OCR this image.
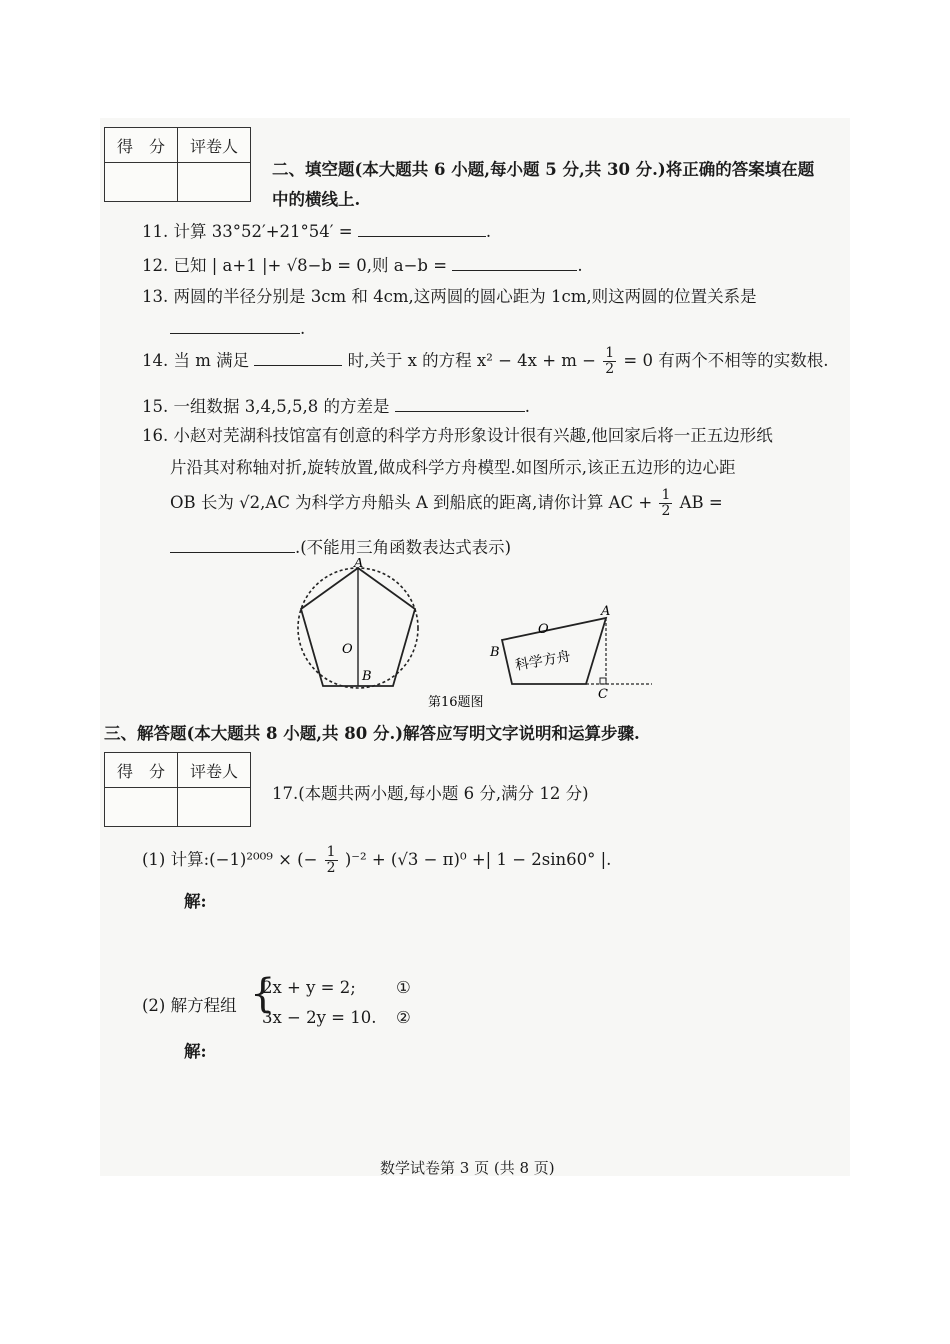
得　分	评卷人

二、填空题(本大题共 6 小题,每小题 5 分,共 30 分.)将正确的答案填在题
中的横线上.
11. 计算 33°52′+21°54′ =	.
12. 已知 | a+1 |+ √8−b = 0,则 a−b =	.
13. 两圆的半径分别是 3cm 和 4cm,这两圆的圆心距为 1cm,则这两圆的位置关系是
.
14. 当 m 满足	时,关于 x 的方程 $x^2 - 4x + m - \frac{1}{2} = 0$ 有两个不相等的实数根.
15. 一组数据 3,4,5,5,8 的方差是	.
16. 小赵对芜湖科技馆富有创意的科学方舟形象设计很有兴趣,他回家后将一正五边形纸
片沿其对称轴对折,旋转放置,做成科学方舟模型.如图所示,该正五边形的边心距
OB 长为 √2,AC 为科学方舟船头 A 到船底的距离,请你计算 AC + $\frac{1}{2}$ AB =
.(不能用三角函数表达式表示)
A
O
B
A
O
B
C
科学方舟
第16题图
三、解答题(本大题共 8 小题,共 80 分.)解答应写明文字说明和运算步骤.
得　分	评卷人

17.(本题共两小题,每小题 6 分,满分 12 分)
(1) 计算:(−1)²⁰⁰⁹ × (− $\frac{1}{2} )^{-2} + (√3 - \pi)^0$ +| 1 − 2sin60° |.
解:
(2) 解方程组 {
2x + y = 2; ①
3x − 2y = 10. ②
解:
数学试卷第 3 页 (共 8 页)
